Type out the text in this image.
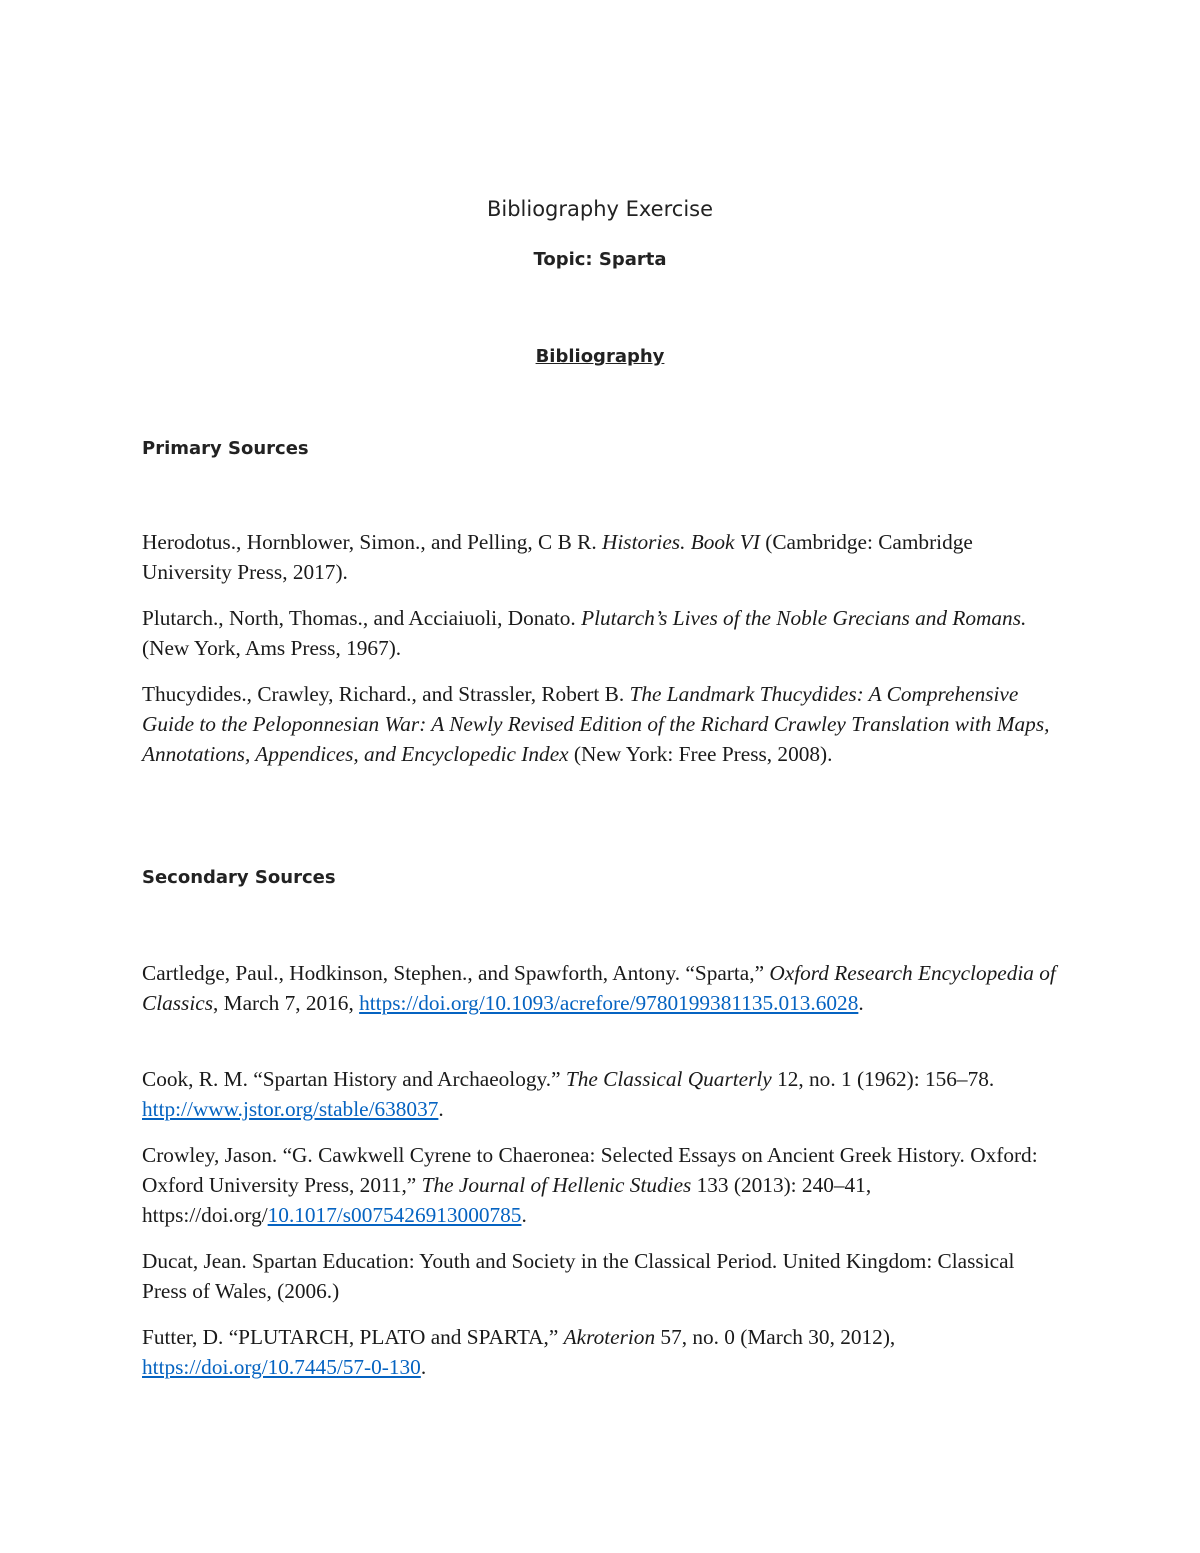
Bibliography Exercise
Topic: Sparta
Bibliography
Primary Sources
Herodotus., Hornblower, Simon., and Pelling, C B R. Histories. Book VI (Cambridge: Cambridge University Press, 2017).
Plutarch., North, Thomas., and Acciaiuoli, Donato. Plutarch’s Lives of the Noble Grecians and Romans. (New York, Ams Press, 1967).
Thucydides., Crawley, Richard., and Strassler, Robert B. The Landmark Thucydides: A Comprehensive Guide to the Peloponnesian War: A Newly Revised Edition of the Richard Crawley Translation with Maps, Annotations, Appendices, and Encyclopedic Index (New York: Free Press, 2008).
Secondary Sources
Cartledge, Paul., Hodkinson, Stephen., and Spawforth, Antony. “Sparta,” Oxford Research Encyclopedia of Classics, March 7, 2016, https://doi.org/10.1093/acrefore/9780199381135.013.6028.
Cook, R. M. “Spartan History and Archaeology.” The Classical Quarterly 12, no. 1 (1962): 156–78. http://www.jstor.org/stable/638037.
Crowley, Jason. “G. Cawkwell Cyrene to Chaeronea: Selected Essays on Ancient Greek History. Oxford: Oxford University Press, 2011,” The Journal of Hellenic Studies 133 (2013): 240–41, https://doi.org/10.1017/s0075426913000785.
Ducat, Jean. Spartan Education: Youth and Society in the Classical Period. United Kingdom: Classical Press of Wales, (2006.)
Futter, D. “PLUTARCH, PLATO and SPARTA,” Akroterion 57, no. 0 (March 30, 2012), https://doi.org/10.7445/57-0-130.
